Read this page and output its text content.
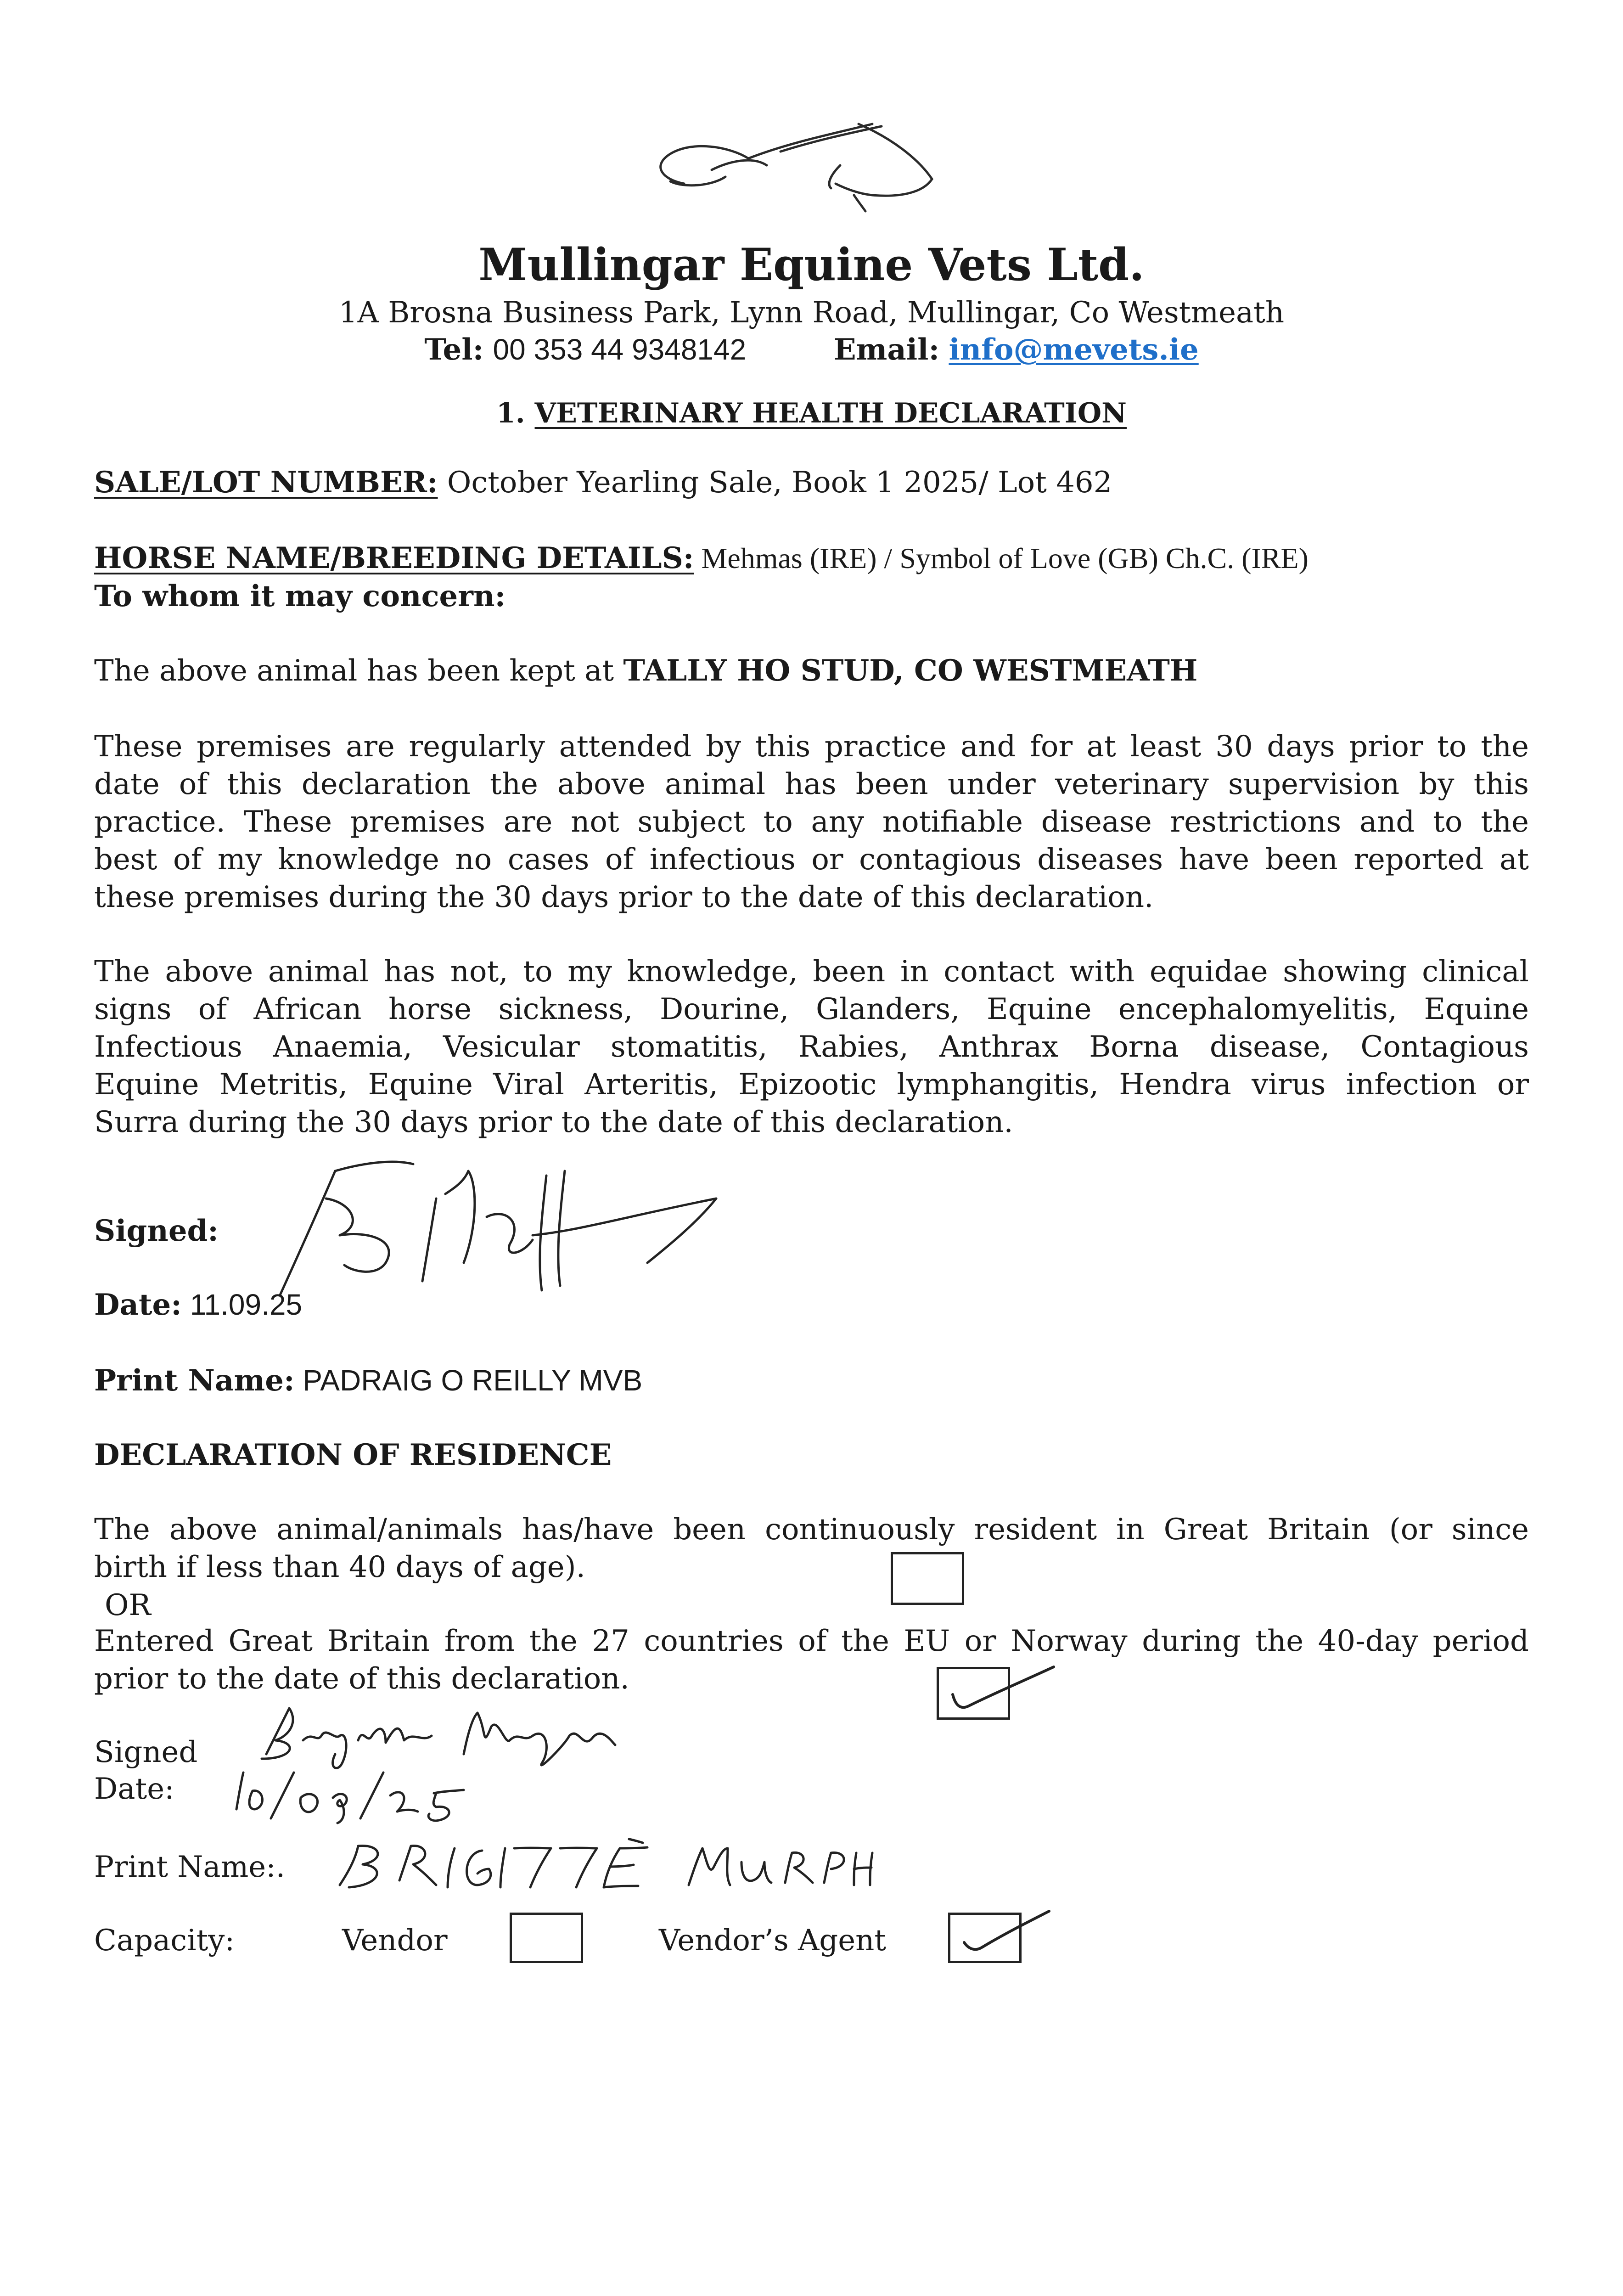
Mullingar Equine Vets Ltd.
1A Brosna Business Park, Lynn Road, Mullingar, Co Westmeath
Tel: 00 353 44 9348142	Email: info@mevets.ie
1. VETERINARY HEALTH DECLARATION
SALE/LOT NUMBER: October Yearling Sale, Book 1 2025/ Lot 462
HORSE NAME/BREEDING DETAILS: Mehmas (IRE) / Symbol of Love (GB) Ch.C. (IRE)
To whom it may concern:
The above animal has been kept at TALLY HO STUD, CO WESTMEATH
These premises are regularly attended by this practice and for at least 30 days prior to the
date of this declaration the above animal has been under veterinary supervision by this
practice. These premises are not subject to any notifiable disease restrictions and to the
best of my knowledge no cases of infectious or contagious diseases have been reported at
these premises during the 30 days prior to the date of this declaration.
The above animal has not, to my knowledge, been in contact with equidae showing clinical
signs of African horse sickness, Dourine, Glanders, Equine encephalomyelitis, Equine
Infectious Anaemia, Vesicular stomatitis, Rabies, Anthrax Borna disease, Contagious
Equine Metritis, Equine Viral Arteritis, Epizootic lymphangitis, Hendra virus infection or
Surra during the 30 days prior to the date of this declaration.
Signed:
Date: 11.09.25
Print Name: PADRAIG O REILLY MVB
DECLARATION OF RESIDENCE
The above animal/animals has/have been continuously resident in Great Britain (or since
birth if less than 40 days of age).
OR
Entered Great Britain from the 27 countries of the EU or Norway during the 40-day period
prior to the date of this declaration.
Signed
Date:
Print Name:.
Capacity:	Vendor	Vendor’s Agent
